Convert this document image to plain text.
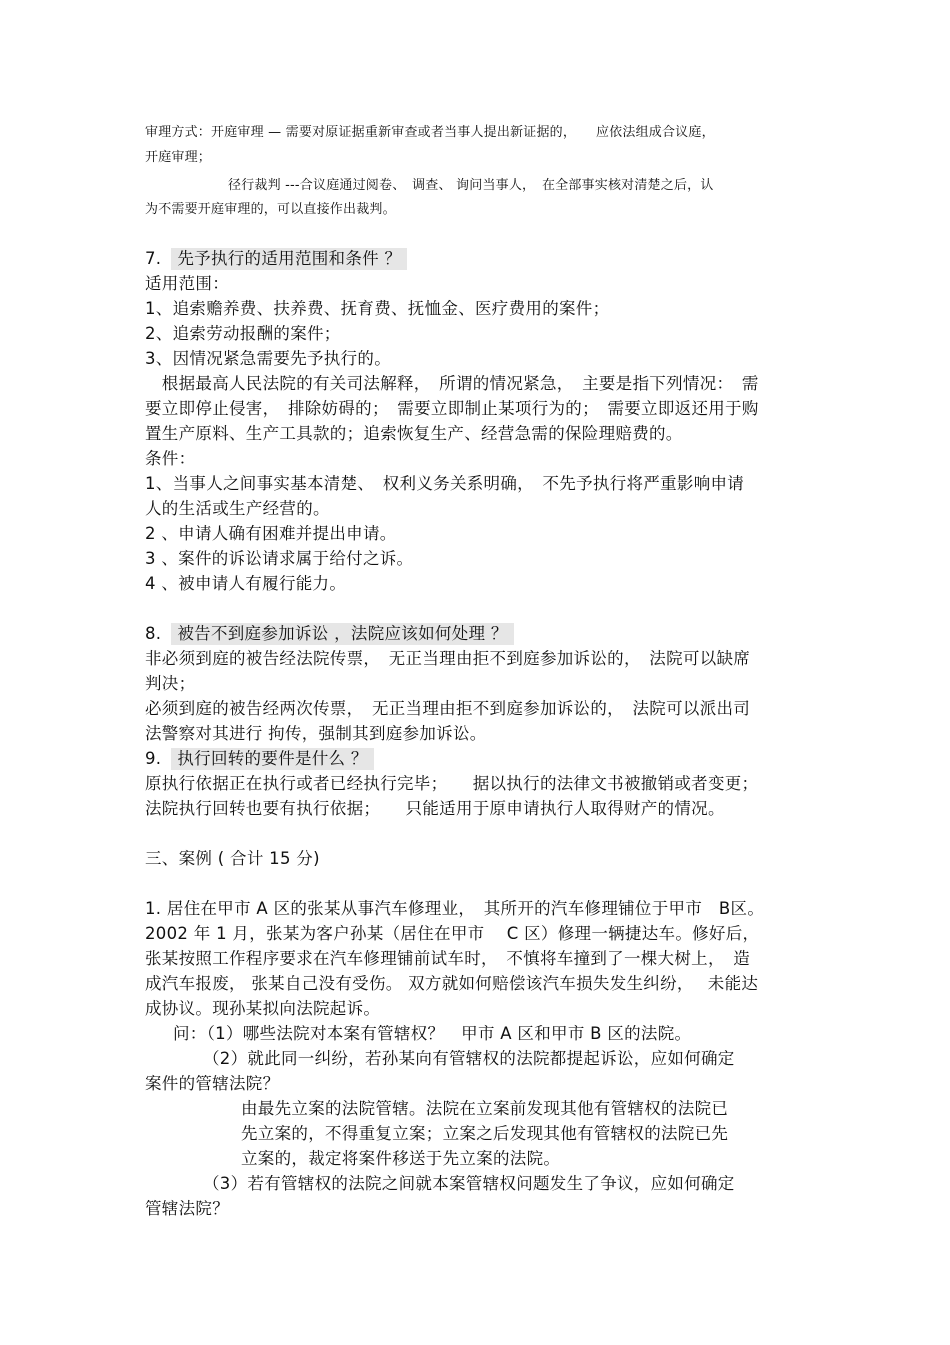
审理方式：开庭审理 — 需要对原证据重新审查或者当事人提出新证据的，　　应依法组成合议庭，
开庭审理；
径行裁判 ---合议庭通过阅卷、　调查、 询问当事人，　在全部事实核对清楚之后，认
为不需要开庭审理的，可以直接作出裁判。
7. 先予执行的适用范围和条件 ？
适用范围：
1、追索赡养费、扶养费、抚育费、抚恤金、医疗费用的案件；
2、追索劳动报酬的案件；
3、因情况紧急需要先予执行的。
　根据最高人民法院的有关司法解释，　所谓的情况紧急，　主要是指下列情况：　需
要立即停止侵害，　排除妨碍的；　需要立即制止某项行为的；　需要立即返还用于购
置生产原料、生产工具款的；追索恢复生产、经营急需的保险理赔费的。
条件：
1、当事人之间事实基本清楚、　权利义务关系明确，　不先予执行将严重影响申请
人的生活或生产经营的。
2 、申请人确有困难并提出申请。
3 、案件的诉讼请求属于给付之诉。
4 、被申请人有履行能力。
8. 被告不到庭参加诉讼 ，法院应该如何处理 ？
非必须到庭的被告经法院传票，　无正当理由拒不到庭参加诉讼的，　法院可以缺席
判决；
必须到庭的被告经两次传票，　无正当理由拒不到庭参加诉讼的，　法院可以派出司
法警察对其进行 拘传，强制其到庭参加诉讼。
9. 执行回转的要件是什么 ？
原执行依据正在执行或者已经执行完毕；　　据以执行的法律文书被撤销或者变更；
法院执行回转也要有执行依据；　　只能适用于原申请执行人取得财产的情况。
三、案例 ( 合计 15 分)
1. 居住在甲市 A 区的张某从事汽车修理业，　其所开的汽车修理铺位于甲市　B区。
2002 年 1 月，张某为客户孙某（居住在甲市　 C 区）修理一辆捷达车。修好后，
张某按照工作程序要求在汽车修理铺前试车时，　不慎将车撞到了一棵大树上，　造
成汽车报废， 张某自己没有受伤。 双方就如何赔偿该汽车损失发生纠纷，　 未能达
成协议。现孙某拟向法院起诉。
问：（1）哪些法院对本案有管辖权？　甲市 A 区和甲市 B 区的法院。
（2）就此同一纠纷，若孙某向有管辖权的法院都提起诉讼，应如何确定
案件的管辖法院？
由最先立案的法院管辖。法院在立案前发现其他有管辖权的法院已
先立案的，不得重复立案；立案之后发现其他有管辖权的法院已先
立案的，裁定将案件移送于先立案的法院。
（3）若有管辖权的法院之间就本案管辖权问题发生了争议，应如何确定
管辖法院？
